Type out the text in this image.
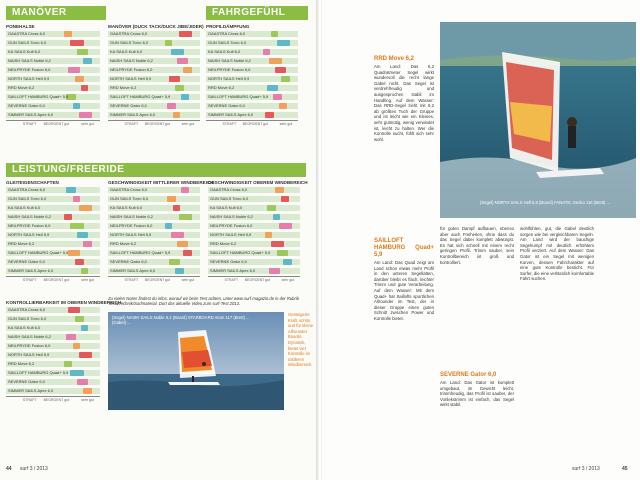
MANÖVER	FAHRGEFÜHL
LEISTUNG/FREERIDE
PONEHALSE	MANÖVER (DUCK TACK/DUCK JIBE/JIDER) PROFILDÄMPFUNG
GLEITEIGENSCHAFTEN	GESCHWINDIGKEIT MITTLERER WINDBEREICH
GESCHWINDIGKEIT OBEREM WINDBEREICH
KONTROLLIERBARKEIT IM OBEREN WINDBEREICH
GAASTRA Cross 6,0
GUN SAILS Torro 6,0
KA SAILS Kult 6,0
NAISH SAILS Noble 6,2
NEILPRYDE Fusion 6,0
NORTH SAILS Hell 5,9
RRD Move 6,2
SAILLOFT HAMBURG Quad+ 5,9
SEVERNE Gator 6,0
SIMMER SAILS Apex 6,0
STRAFT BEGROENT gut	sehr gut
GAASTRA Cross 6,0
GUN SAILS Torro 6,0
KA SAILS Kult 6,0
NAISH SAILS Noble 6,2
NEILPRYDE Fusion 6,0
NORTH SAILS Hell 5,9
RRD Move 6,2
SAILLOFT HAMBURG Quad+ 5,9
SEVERNE Gator 6,0
SIMMER SAILS Apex 6,0
STRAFT BEGROENT gut	sehr gut
GAASTRA Cross 6,0
GUN SAILS Torro 6,0
KA SAILS Kult 6,0
NAISH SAILS Noble 6,2
NEILPRYDE Fusion 6,0
NORTH SAILS Hell 5,9
RRD Move 6,2
SAILLOFT HAMBURG Quad+ 5,9
SEVERNE Gator 6,0
SIMMER SAILS Apex 6,0
STRAFT BEGROENT gut	sehr gut
GAASTRA Cross 6,0
GUN SAILS Torro 6,0
KA SAILS Kult 6,0
NAISH SAILS Noble 6,2
NEILPRYDE Fusion 6,0
NORTH SAILS Hell 5,9
RRD Move 6,2
SAILLOFT HAMBURG Quad+ 5,9
SEVERNE Gator 6,0
SIMMER SAILS Apex 6,0
STRAFT BEGROENT gut	sehr gut
GAASTRA Cross 6,0
GUN SAILS Torro 6,0
KA SAILS Kult 6,0
NAISH SAILS Noble 6,2
NEILPRYDE Fusion 6,0
NORTH SAILS Hell 5,9
RRD Move 6,2
SAILLOFT HAMBURG Quad+ 5,9
SEVERNE Gator 6,0
SIMMER SAILS Apex 6,0
STRAFT BEGROENT gut	sehr gut
GAASTRA Cross 6,0
GUN SAILS Torro 6,0
KA SAILS Kult 6,0
NAISH SAILS Noble 6,2
NEILPRYDE Fusion 6,0
NORTH SAILS Hell 5,9
RRD Move 6,2
SAILLOFT HAMBURG Quad+ 5,9
SEVERNE Gator 6,0
SIMMER SAILS Apex 6,0
STRAFT BEGROENT gut	sehr gut
GAASTRA Cross 6,0
GUN SAILS Torro 6,0
KA SAILS Kult 6,0
NAISH SAILS Noble 6,2
NEILPRYDE Fusion 6,0
NORTH SAILS Hell 5,9
RRD Move 6,2
SAILLOFT HAMBURG Quad+ 5,9
SEVERNE Gator 6,0
SIMMER SAILS Apex 6,0
STRAFT BEGROENT gut	sehr gut
Zu vielen Noten findest du infos, worauf wir beim Test achten, unter www.surf-magazin.de in der Rubrik Test&Technik/Surfmaterial. Dort das aktuelle Video zum surf-Test 2013.
(Segel) NAISH SAILS Noble 6,2 (Board) STARBOARD Atom 117 (Brett) ... (Gabel) ...
Gesteigerte Kraft, schön und für kleine Allrounder Boards, Dynamik, bietet viel Kontrolle im mittleren Windbereich.
44 surf 3 / 2013
(Segel) NORTH SAILS Hell 5,9 (Board) FANATIC Gecko 116 (Brett) ...
RRD Move 6,2

Am Land: Das 6,2 Quadratmeter Segel wirkt wundervoll die recht lange Gabel nicht. Das Segel ist verdrehfreudig und ausgesprochen stabil im Handling. Auf dem Wasser: Das RRD-Segel zieht mit 6,2 ab größtes Tuch der Gruppe und ist leicht wie ein Kleines, sehr gutmütig, wenig verwindet ist, leicht zu halten. Wer die Kontrolle sucht, fühlt sich sehr wohl.

SAILLOFT HAMBURG Quad+ 5,9

Am Land: Das Quad zeigt am Land schon etwas mehr Profil in den unteren Segellatten, darüber bleibt es flach, leichter Trimm und gute Verarbeitung. Auf dem Wasser: Mit dem Quad+ hat Saillofts sportlichen Allrounder im Test, der in dieser Gruppe einen guten Schnitt zwischen Power und Kontrolle bietet.

für guten Dampf aufbauen, ebenso aber auch Freiheiten, ohne dass du das Segel dabei komplett abwürgst. Es hat sich schnell mit einem recht geringen Profil. Trimm sauber, sein Kontrollbereich ist groß und kontrolliert.

SEVERNE Gator 6,0

Am Land: Das Gator ist komplett umgebaut, im Gewicht leicht, trimmfreudig, das Profil ist sauber, der Vorliekstrimm ist einfach, das Segel wirkt stabil.

wohlfühlen, gut, die Gabel deutlich sorgen wie bei vergleichbaren Segeln. Am Land wird der bauchige Segelrumpf mit deutlich erhöhtem Profil verziert. Auf dem Wasser: Das Gator ist ein Segel mit wenigen Kurven, dessen Fahrcharakter auf eine gute Kontrolle besticht. Für Surfer, die eine verlässlich komfortable Fahrt suchen.

surf 3 / 2013	45
